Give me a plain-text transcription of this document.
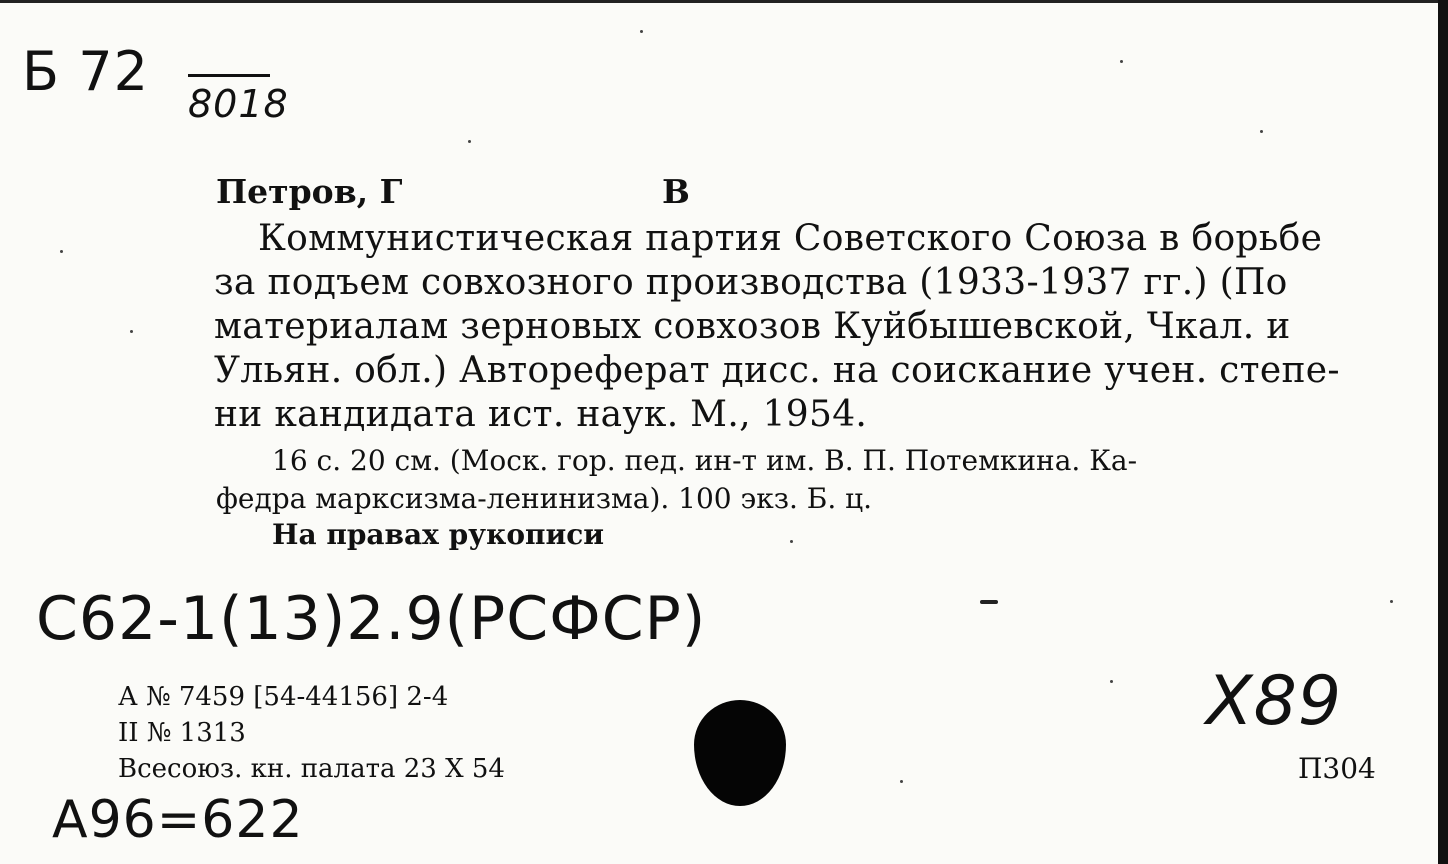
Б 72
8018
Петров, Г	В
Коммунистическая партия Советского Союза в борьбе
за подъем совхозного производства (1933-1937 гг.) (По
материалам зерновых совхозов Куйбышевской, Чкал. и
Ульян. обл.) Автореферат дисс. на соискание учен. степе-
ни кандидата ист. наук. М., 1954.
16 с. 20 см. (Моск. гор. пед. ин-т им. В. П. Потемкина. Ка-
федра марксизма-ленинизма). 100 экз. Б. ц.
На правах рукописи
С62-1(13)2.9(РСФСР)
А № 7459 [54-44156] 2-4
II № 1313
Всесоюз. кн. палата 23 X 54
А96=622
Х89
П304
